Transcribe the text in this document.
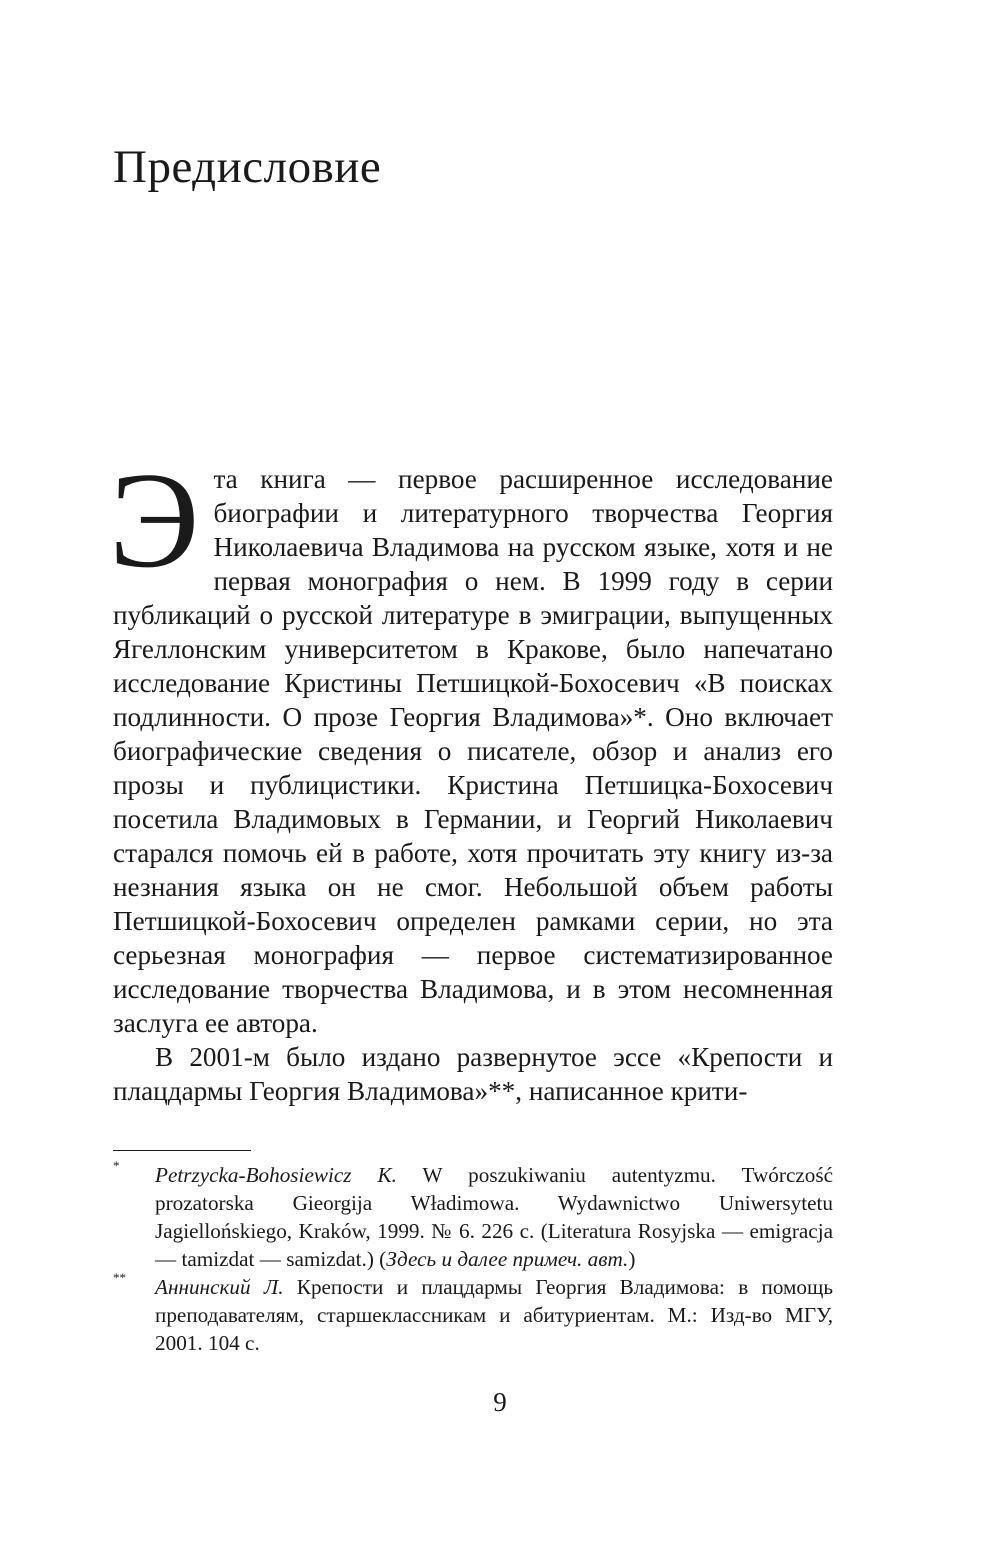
Предисловие

Эта книга — первое расширенное исследование биографии и литературного творчества Георгия Николаевича Владимова на русском языке, хотя и не первая монография о нем. В 1999 году в серии публикаций о русской литературе в эмиграции, выпущенных Ягеллонским университетом в Кракове, было напечатано исследование Кристины Петшицкой-Бохосевич «В поисках подлинности. О прозе Георгия Владимова»*. Оно включает биографические сведения о писателе, обзор и анализ его прозы и публицистики. Кристина Петшицка-Бохосевич посетила Владимовых в Германии, и Георгий Николаевич старался помочь ей в работе, хотя прочитать эту книгу из-за незнания языка он не смог. Небольшой объем работы Петшицкой-Бохосевич определен рамками серии, но эта серьезная монография — первое систематизированное исследование творчества Владимова, и в этом несомненная заслуга ее автора.

В 2001-м было издано развернутое эссе «Крепости и плацдармы Георгия Владимова»**, написанное крити-

* Petrzycka-Bohosiewicz K. W poszukiwaniu autentyzmu. Twórczość prozatorska Gieorgija Władimowa. Wydawnictwo Uniwersytetu Jagiellońskiego, Kraków, 1999. № 6. 226 с. (Literatura Rosyjska — emigracja — tamizdat — samizdat.) (Здесь и далее примеч. авт.)
** Аннинский Л. Крепости и плацдармы Георгия Владимова: в помощь преподавателям, старшеклассникам и абитуриентам. М.: Изд-во МГУ, 2001. 104 с.
9
